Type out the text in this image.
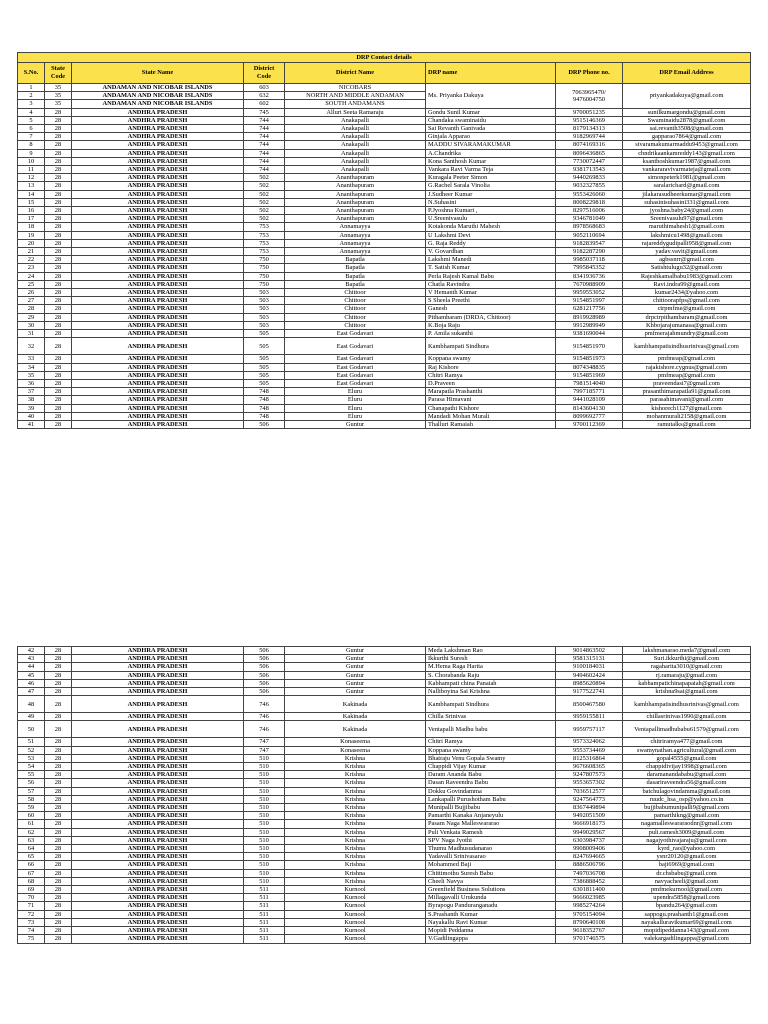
DRP Contact details							
S.No.	State Code	State Name	District Code	District Name	DRP name	DRP Phone no.	DRP Email Address
1	35	ANDAMAN AND NICOBAR ISLANDS	603	NICOBARS	Ms. Priyanka Dakuya	7063965470/ 9476004750	priyankadakuya@gmail.com
2	35	ANDAMAN AND NICOBAR ISLANDS	632	NORTH AND MIDDLE ANDAMAN			
3	35	ANDAMAN AND NICOBAR ISLANDS	602	SOUTH ANDAMANS			
4	28	ANDHRA PRADESH	745	Alluri Seeta Ramaraju	Gondu Sunil Kumar	9700051235	sunilkumargondu@gmail.com
5	28	ANDHRA PRADESH	744	Anakapalli	Chandaka swaminaidu	9515146369	Swaminaidu2878@gmail.com
6	28	ANDHRA PRADESH	744	Anakapalli	Sai Revanth Ganivada	8179134313	sai.revanth3508@gmail.com
7	28	ANDHRA PRADESH	744	Anakapalli	Ginjala Apparao	9182969744	gapparao7864@gmail.com
8	28	ANDHRA PRADESH	744	Anakapalli	MADDU SIVARAMAKUMAR	8074169316	sivaramakumarmaddu9453@gmail.com
9	28	ANDHRA PRADESH	744	Anakapalli	A.Chandrika	8096436865	chndrikaankamreddy143@gmail.com
10	28	ANDHRA PRADESH	744	Anakapalli	Kona Santhosh Kumar	7730072447	ksanthoshkumar1987@gmail.com
11	28	ANDHRA PRADESH	744	Anakapalli	Vankara Ravi Varma Teja	9381713543	vankararavivarmateja@gmail.com
12	28	ANDHRA PRADESH	502	Ananthapuram	Kuragala Peeter Simon	9440269833	simonpeterk1981@gmail.com
13	28	ANDHRA PRADESH	502	Ananthapuram	G.Rachel Sarala Vinolia	9032327855	saralarichard@gmail.com
14	28	ANDHRA PRADESH	502	Ananthapuram	J.Sudheer Kumar	9553426060	jilakarasudheerkumar@gmail.com
15	28	ANDHRA PRADESH	502	Ananthapuram	N.Suhasini	8008229818	suhasinisuhasini331@gmail.com
16	28	ANDHRA PRADESH	502	Ananthapuram	P.Jyoshna Kumari ,	8297516006	jyoshna.baby24@gmail.com
17	28	ANDHRA PRADESH	502	Ananthapuram	U.Sreenivasulu	9346781049	Sreenivasulu97@gmail.com
18	28	ANDHRA PRADESH	753	Annamayya	Kotakonda Maruthi Mahesh	8978568683	maruthimahesh1@gmail.com
19	28	ANDHRA PRADESH	753	Annamayya	U Lakshmi Devi	9052110694	lakshmicu1498@gmail.com
20	28	ANDHRA PRADESH	753	Annamayya	G. Raja Reddy	9182839547	rajareddygudipalli958@gmail.com
21	28	ANDHRA PRADESH	753	Annamayya	V. Govardhan	9182287290	yadav.vavit@gmail.com
22	28	ANDHRA PRADESH	750	Bapatla	Lakshmi Manedi	9985037118	agbssnrr@gmail.com
23	28	ANDHRA PRADESH	750	Bapatla	T. Satish Kumar	7995845352	Satishtulugu32@gmail.com
24	28	ANDHRA PRADESH	750	Bapatla	Perla Rajesh Kamal Babu	8341936736	Rajeshkamalbabu1983@gmail.com
25	28	ANDHRA PRADESH	750	Bapatla	Chatla Ravindra	7670988909	Ravi.indra99@gmail.com
26	28	ANDHRA PRADESH	503	Chittoor	V Hemanth Kumar	9959553052	kumar2434@yahoo.com
27	28	ANDHRA PRADESH	503	Chittoor	S Sheela Preethi	9154851997	chittoorapfps@gmail.com
28	28	ANDHRA PRADESH	503	Chittoor	Ganesh	6281217756	ctrpmfme@gmail.com
29	28	ANDHRA PRADESH	503	Chittoor	Pithambaram (DRDA, Chittoor)	8919928989	drpctrpithambaram@gmail.com
30	28	ANDHRA PRADESH	503	Chittoor	K.Boja Raju	9912989949	Khbojarajumanasa@gmail.com
31	28	ANDHRA PRADESH	505	East Godavari	P. Amila sukanthi	9381690044	pmfmerajahmundry@gmail.com
32	28	ANDHRA PRADESH	505	East Godavari	Kambhampati Sindhura	9154851970	kambhampatisindhusrinivas@gmail.com
33	28	ANDHRA PRADESH	505	East Godavari	Koppana swamy	9154851973	pmfmeap@gmail.com
34	28	ANDHRA PRADESH	505	East Godavari	Raj Kishore	8074348835	rajakishore.cygnus@gmail.com
35	28	ANDHRA PRADESH	505	East Godavari	Chitri Ramya	9154851969	pmfmeap@gmail.com
36	28	ANDHRA PRADESH	505	East Godavari	D.Praveen	7981514040	praveendasi7@gmail.com
37	28	ANDHRA PRADESH	748	Eluru	Marapatla Prashanthi	7997185771	prasanthimarapatla91@gmail.com
38	28	ANDHRA PRADESH	748	Eluru	Parasa Himavani	9441028109	parasahimavani@gmail.com
39	28	ANDHRA PRADESH	748	Eluru	Chanapathi Kishore	8143604130	kishorech1127@gmail.com
40	28	ANDHRA PRADESH	748	Eluru	Mandadi Mohan Murali	8099692777	mohanmurali2158@gmail.com
41	28	ANDHRA PRADESH	506	Guntur	Thalluri Ramaiah	9700112369	ramutalks@gmail.com
42	28	ANDHRA PRADESH	506	Guntur	Meda Lakshman Rao	9014863502	lakshmanarao.meda7@gmail.com
43	28	ANDHRA PRADESH	506	Guntur	Ikkurthi Suresh	9581315131	Suri.ikkurthi@gmail.com
44	28	ANDHRA PRADESH	506	Guntur	M.Hema Raga Harita	9100184031	ragaharita3010@gmail.com
45	28	ANDHRA PRADESH	506	Guntur	S. Chorabanda Raju	9494602424	rj.ramaraju@gmail.com
46	28	ANDHRA PRADESH	506	Guntur	Kabhampati china Panaiah	8985620894	kabhampatichinapapaiah@gmail.com
47	28	ANDHRA PRADESH	506	Guntur	Nalliboyina Sai Krishna	9177522741	krishna9sai@gmail.com
48	28	ANDHRA PRADESH	746	Kakinada	Kambhampati Sindhura	8500467580	kambhampatisindhusrinivas@gmail.com
49	28	ANDHRA PRADESH	746	Kakinada	Chilla Srinivas	9959155811	chillasrinivas1990@gmail.com
50	28	ANDHRA PRADESH	746	Kakinada	Ventapalli Madhu babu	9959757117	Ventapallimadhubabu61579@gmail.com
51	28	ANDHRA PRADESH	747	Konaseema	Chitri Ramya	9573324062	chitriramya477@gmail.com
52	28	ANDHRA PRADESH	747	Konaseema	Koppana swamy	9553734469	swamynathan.agricultural@gmail.com
53	28	ANDHRA PRADESH	510	Krishna	Bhatraju Venu Gopala Swamy	8125316864	gopal4555@gmail.com
54	28	ANDHRA PRADESH	510	Krishna	Chappidi Vijay Kumar	9676608365	chappidivijay1998@gmail.com
55	28	ANDHRA PRADESH	510	Krishna	Daram Ananda Babu	9247807573	daramanandababu@gmail.com
56	28	ANDHRA PRADESH	510	Krishna	Dasan Raveendra Babu	9553657302	dasariraveendra56@gmail.com
57	28	ANDHRA PRADESH	510	Krishna	Dokku Govindamma	7036512577	batchulagovindamma@gmail.com
58	28	ANDHRA PRADESH	510	Krishna	Lankapalli Purushotham Babu	9247564773	ruudc_hsa_osp@yahoo.co.in
59	28	ANDHRA PRADESH	510	Krishna	Munipalli Bujjibabu	8367449894	bujjibabumunipalli9@gmail.com
60	28	ANDHRA PRADESH	510	Krishna	Pamarthi Kanaka Anjaneyulu	9492051509	pamarthikng@gmail.com
61	28	ANDHRA PRADESH	510	Krishna	Pasam Naga Malleswararao	9666918173	nagamalleswararaodnr@gmail.com
62	28	ANDHRA PRADESH	510	Krishna	Puli Venkata Ramesh	9949029567	puli.ramesh3009@gmail.com
63	28	ANDHRA PRADESH	510	Krishna	SPV Naga Jyothi	6303984737	nagajyothivajaraju@gmail.com
64	28	ANDHRA PRADESH	510	Krishna	Thumu Madhusudanarao	9908009406	kyrd_rao@yahoo.com
65	28	ANDHRA PRADESH	510	Krishna	Yadavalli Srinivasarao	8247694665	ysnr20120@gmail.com
66	28	ANDHRA PRADESH	510	Krishna	Mohammed Baji	8886506796	baji6969@gmail.com
67	28	ANDHRA PRADESH	510	Krishna	Chittimothu Suresh Babu	7497036708	dr.chsbabu@gmail.com
68	28	ANDHRA PRADESH	510	Krishna	Cheeli Navya	7386888452	navyacheeli@gmail.com
69	28	ANDHRA PRADESH	511	Kurnool	Greenfield Business Solutions	6301811400	pmfmekurnool@gmail.com
70	28	ANDHRA PRADESH	511	Kurnool	Millagavalli Urukunda	9666023985	upendra5858@gmail.com
71	28	ANDHRA PRADESH	511	Kurnool	Byrapogu Panduranganadu	9985274264	bpandu264@gmail.com
72	28	ANDHRA PRADESH	511	Kurnool	S.Prashanth Kumar	9705154094	sappogu.prashanth1@gmail.com
73	28	ANDHRA PRADESH	511	Kurnool	Nayakallu Ravi Kumar	8790640108	nayakalluravikumar69@gmail.com
74	28	ANDHRA PRADESH	511	Kurnool	Mopidi Peddanna	9618352767	mopidipeddanna143@gmail.com
75	28	ANDHRA PRADESH	511	Kurnool	V.Gadilingappa	9701746575	valekargadilingappa@gmail.com
